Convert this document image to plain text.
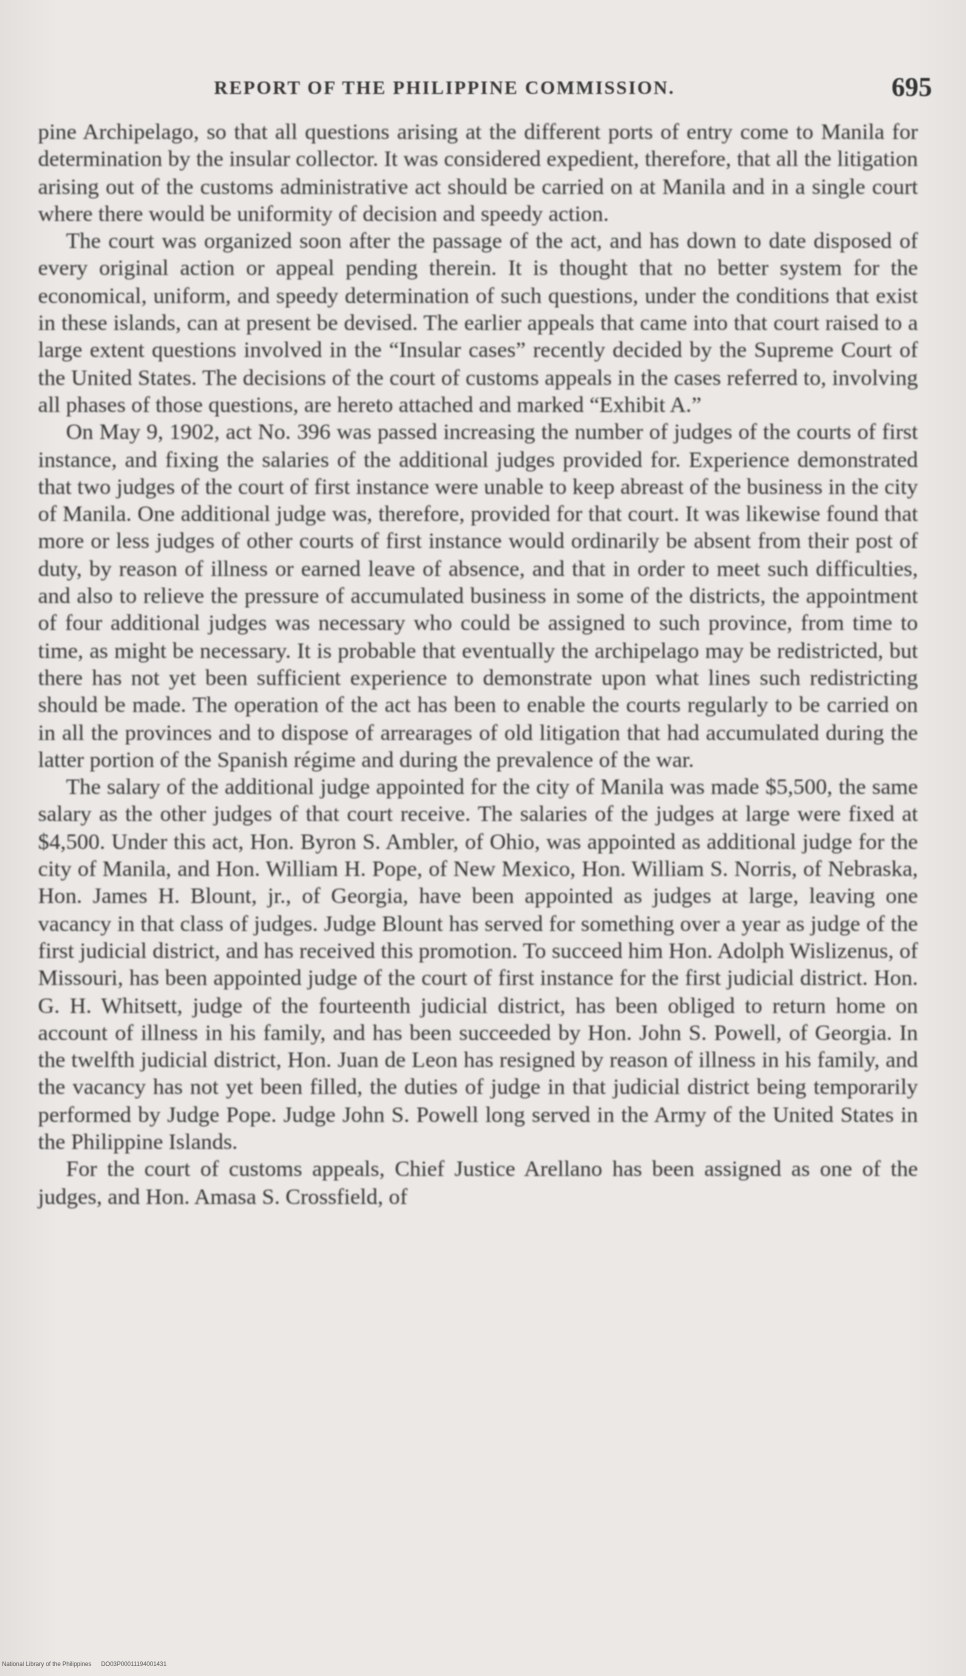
REPORT OF THE PHILIPPINE COMMISSION.	695

pine Archipelago, so that all questions arising at the different ports of entry come to Manila for determination by the insular collector. It was considered expedient, therefore, that all the litigation arising out of the customs administrative act should be carried on at Manila and in a single court where there would be uniformity of decision and speedy action.

The court was organized soon after the passage of the act, and has down to date disposed of every original action or appeal pending therein. It is thought that no better system for the economical, uniform, and speedy determination of such questions, under the conditions that exist in these islands, can at present be devised. The earlier appeals that came into that court raised to a large extent questions involved in the “Insular cases” recently decided by the Supreme Court of the United States. The decisions of the court of customs appeals in the cases referred to, involving all phases of those questions, are hereto attached and marked “Exhibit A.”

On May 9, 1902, act No. 396 was passed increasing the number of judges of the courts of first instance, and fixing the salaries of the additional judges provided for. Experience demonstrated that two judges of the court of first instance were unable to keep abreast of the business in the city of Manila. One additional judge was, therefore, provided for that court. It was likewise found that more or less judges of other courts of first instance would ordinarily be absent from their post of duty, by reason of illness or earned leave of absence, and that in order to meet such difficulties, and also to relieve the pressure of accumulated business in some of the districts, the appointment of four additional judges was necessary who could be assigned to such province, from time to time, as might be necessary. It is probable that eventually the archipelago may be redistricted, but there has not yet been sufficient experience to demonstrate upon what lines such redistricting should be made. The operation of the act has been to enable the courts regularly to be carried on in all the provinces and to dispose of arrearages of old litigation that had accumulated during the latter portion of the Spanish régime and during the prevalence of the war.

The salary of the additional judge appointed for the city of Manila was made $5,500, the same salary as the other judges of that court receive. The salaries of the judges at large were fixed at $4,500. Under this act, Hon. Byron S. Ambler, of Ohio, was appointed as additional judge for the city of Manila, and Hon. William H. Pope, of New Mexico, Hon. William S. Norris, of Nebraska, Hon. James H. Blount, jr., of Georgia, have been appointed as judges at large, leaving one vacancy in that class of judges. Judge Blount has served for something over a year as judge of the first judicial district, and has received this promotion. To succeed him Hon. Adolph Wislizenus, of Missouri, has been appointed judge of the court of first instance for the first judicial district. Hon. G. H. Whitsett, judge of the fourteenth judicial district, has been obliged to return home on account of illness in his family, and has been succeeded by Hon. John S. Powell, of Georgia. In the twelfth judicial district, Hon. Juan de Leon has resigned by reason of illness in his family, and the vacancy has not yet been filled, the duties of judge in that judicial district being temporarily performed by Judge Pope. Judge John S. Powell long served in the Army of the United States in the Philippine Islands.

For the court of customs appeals, Chief Justice Arellano has been assigned as one of the judges, and Hon. Amasa S. Crossfield, of

National Library of the Philippines DO03P00011194001431
